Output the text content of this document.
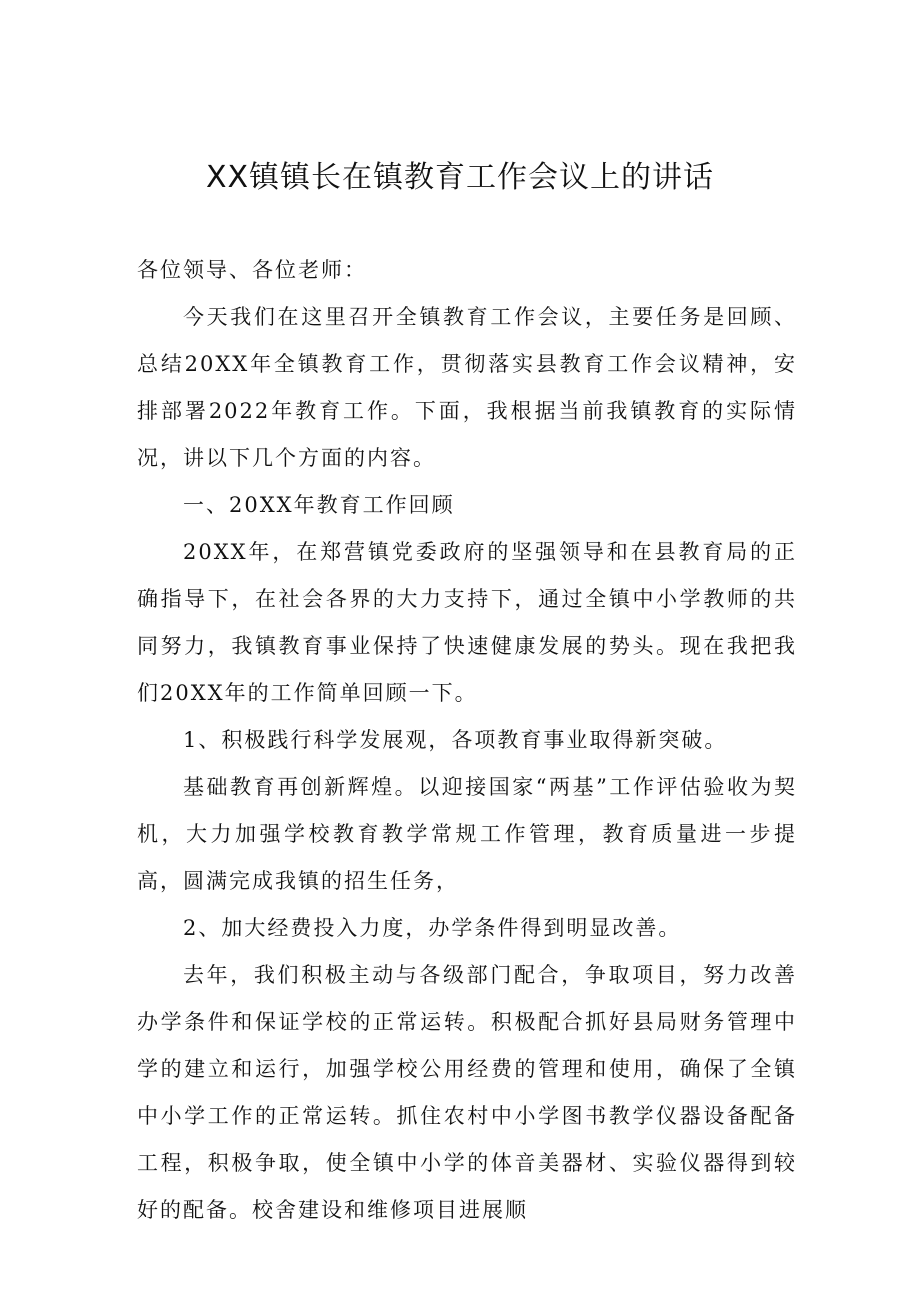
XX镇镇长在镇教育工作会议上的讲话

各位领导、各位老师：

今天我们在这里召开全镇教育工作会议，主要任务是回顾、总结20XX年全镇教育工作，贯彻落实县教育工作会议精神，安排部署2022年教育工作。下面，我根据当前我镇教育的实际情况，讲以下几个方面的内容。

一、20XX年教育工作回顾

20XX年，在郑营镇党委政府的坚强领导和在县教育局的正确指导下，在社会各界的大力支持下，通过全镇中小学教师的共同努力，我镇教育事业保持了快速健康发展的势头。现在我把我们20XX年的工作简单回顾一下。

1、积极践行科学发展观，各项教育事业取得新突破。

基础教育再创新辉煌。以迎接国家“两基”工作评估验收为契机，大力加强学校教育教学常规工作管理，教育质量进一步提高，圆满完成我镇的招生任务，

2、加大经费投入力度，办学条件得到明显改善。

去年，我们积极主动与各级部门配合，争取项目，努力改善办学条件和保证学校的正常运转。积极配合抓好县局财务管理中学的建立和运行，加强学校公用经费的管理和使用，确保了全镇中小学工作的正常运转。抓住农村中小学图书教学仪器设备配备工程，积极争取，使全镇中小学的体音美器材、实验仪器得到较好的配备。校舍建设和维修项目进展顺
